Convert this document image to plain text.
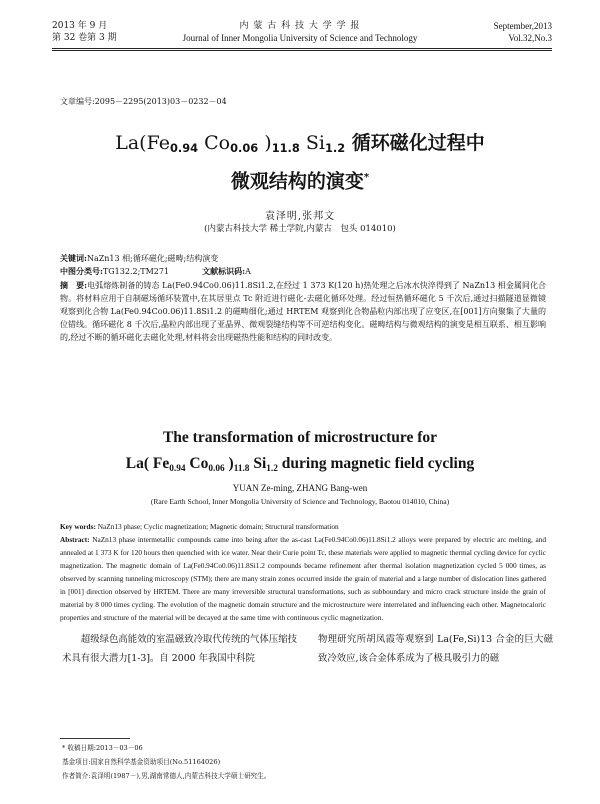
2013 年 9 月
第 32 卷第 3 期
内 蒙 古 科 技 大 学 学 报
Journal of Inner Mongolia University of Science and Technology
September,2013
Vol.32,No.3
文章编号:2095－2295(2013)03－0232－04
$La(Fe_{0.94}$ $Co_{0.06}$ )$_{11.8}$ $Si_{1.2}$ 循环磁化过程中
微观结构的演变*
袁泽明,张邦文
(内蒙古科技大学 稀土学院,内蒙古　包头 014010)
关键词:NaZn13 相;循环磁化;磁畴;结构演变
中图分类号:TG132.2;TM271	文献标识码:A
摘　要:电弧熔炼制备的铸态 La(Fe0.94Co0.06)11.8Si1.2,在经过 1 373 K(120 h)热处理之后冰水快淬得到了 NaZn13 相金属间化合物。将材料应用于自制磁场循环装置中,在其居里点 Tc 附近进行磁化-去磁化循环处理。经过恒热循环磁化 5 千次后,通过扫描隧道显微镜观察到化合物 La(Fe0.94Co0.06)11.8Si1.2 的磁畴细化;通过 HRTEM 观察到化合物晶粒内部出现了应变区,在[001]方向聚集了大量的位错线。循环磁化 8 千次后,晶粒内部出现了亚晶界、微观裂缝结构等不可逆结构变化。磁畴结构与微观结构的演变是相互联系、相互影响的,经过不断的循环磁化去磁化处理,材料将会出现磁热性能和结构的同时改变。
The transformation of microstructure for
La( $Fe_{0.94}$ $Co_{0.06}$ )$_{11.8}$ $Si_{1.2}$ during magnetic field cycling
YUAN Ze-ming, ZHANG Bang-wen
(Rare Earth School, Inner Mongolia University of Science and Technology, Baotou 014010, China)
Key words: NaZn13 phase; Cyclic magnetization; Magnetic domain; Structural transformation
Abstract: NaZn13 phase intermetallic compounds came into being after the as-cast La(Fe0.94Co0.06)11.8Si1.2 alloys were prepared by electric arc melting, and annealed at 1 373 K for 120 hours then quenched with ice water. Near their Curie point Tc, these materials were applied to magnetic thermal cycling device for cyclic magnetization. The magnetic domain of La(Fe0.94Co0.06)11.8Si1.2 compounds became refinement after thermal isolation magnetization cycled 5 000 times, as observed by scanning tunneling microscopy (STM); there are many strain zones occurred inside the grain of material and a large number of dislocation lines gathered in [001] direction observed by HRTEM. There are many irreversible structural transformations, such as subboundary and micro crack structure inside the grain of material by 8 000 times cycling. The evolution of the magnetic domain structure and the microstructure were interrelated and influencing each other. Magnetocaloric properties and structure of the material will be decayed at the same time with continuous cyclic magnetization.
超级绿色高能效的室温磁致冷取代传统的气体压缩技术具有很大潜力[1-3]。自 2000 年我国中科院
物理研究所胡凤霞等观察到 La(Fe,Si)13 合金的巨大磁致冷效应,该合金体系成为了极具吸引力的磁
* 收稿日期:2013－03－06
基金项目:国家自然科学基金资助项目(No.51164026)
作者简介:袁泽明(1987－),男,湖南常德人,内蒙古科技大学硕士研究生。
